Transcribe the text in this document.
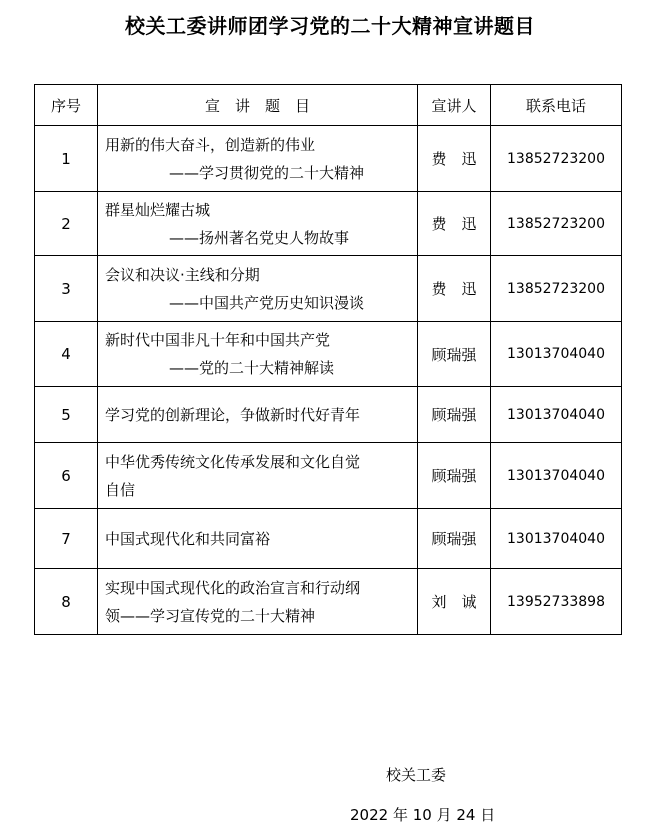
校关工委讲师团学习党的二十大精神宣讲题目
序号	宣　讲　题　目	宣讲人	联系电话
1	用新的伟大奋斗，创造新的伟业
——学习贯彻党的二十大精神	费　迅	13852723200
2	群星灿烂耀古城
——扬州著名党史人物故事	费　迅	13852723200
3	会议和决议·主线和分期
——中国共产党历史知识漫谈	费　迅	13852723200
4	新时代中国非凡十年和中国共产党
——党的二十大精神解读	顾瑞强	13013704040
5	学习党的创新理论，争做新时代好青年	顾瑞强	13013704040
6	中华优秀传统文化传承发展和文化自觉
自信	顾瑞强	13013704040
7	中国式现代化和共同富裕	顾瑞强	13013704040
8	实现中国式现代化的政治宣言和行动纲
领——学习宣传党的二十大精神	刘　诚	13952733898
校关工委
2022 年 10 月 24 日
